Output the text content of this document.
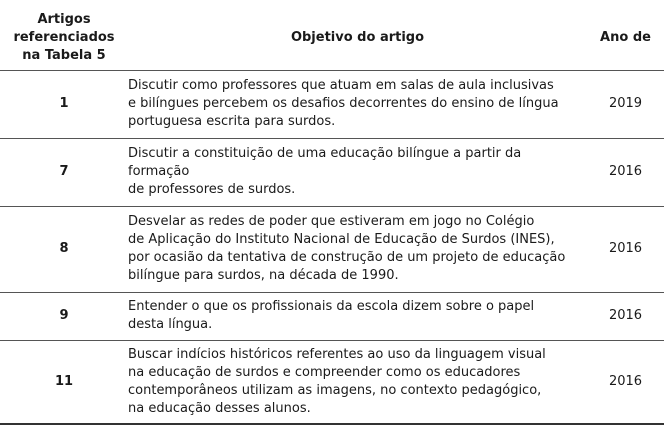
Artigos
referenciados
na Tabela 5	Objetivo do artigo	Ano de
1	Discutir como professores que atuam em salas de aula inclusivas
e bilíngues percebem os desafios decorrentes do ensino de língua
portuguesa escrita para surdos.	2019
7	Discutir a constituição de uma educação bilíngue a partir da
formação
de professores de surdos.	2016
8	Desvelar as redes de poder que estiveram em jogo no Colégio
de Aplicação do Instituto Nacional de Educação de Surdos (INES),
por ocasião da tentativa de construção de um projeto de educação
bilíngue para surdos, na década de 1990.	2016
9	Entender o que os profissionais da escola dizem sobre o papel
desta língua.	2016
11	Buscar indícios históricos referentes ao uso da linguagem visual
na educação de surdos e compreender como os educadores
contemporâneos utilizam as imagens, no contexto pedagógico,
na educação desses alunos.	2016
